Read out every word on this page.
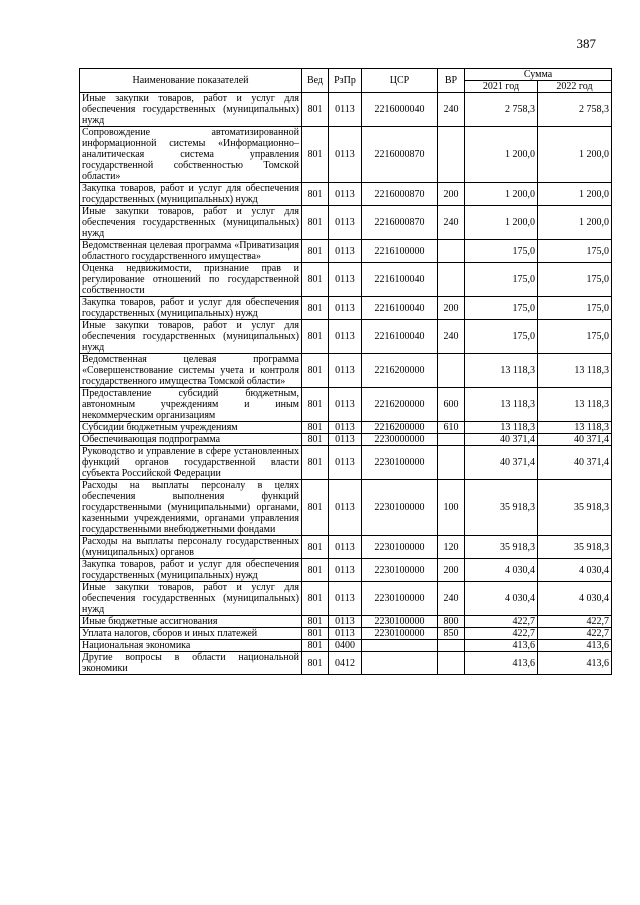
387
Наименование показателей	Вед	РзПр	ЦСР	ВР	Сумма	
					2021 год	2022 год
Иные закупки товаров, работ и услуг для обеспечения государственных (муниципальных) нужд	801	0113	2216000040	240	2 758,3	2 758,3
Сопровождение автоматизированной информационной системы «Информационно–аналитическая система управления государственной собственностью Томской области»	801	0113	2216000870		1 200,0	1 200,0
Закупка товаров, работ и услуг для обеспечения государственных (муниципальных) нужд	801	0113	2216000870	200	1 200,0	1 200,0
Иные закупки товаров, работ и услуг для обеспечения государственных (муниципальных) нужд	801	0113	2216000870	240	1 200,0	1 200,0
Ведомственная целевая программа «Приватизация областного государственного имущества»	801	0113	2216100000		175,0	175,0
Оценка недвижимости, признание прав и регулирование отношений по государственной собственности	801	0113	2216100040		175,0	175,0
Закупка товаров, работ и услуг для обеспечения государственных (муниципальных) нужд	801	0113	2216100040	200	175,0	175,0
Иные закупки товаров, работ и услуг для обеспечения государственных (муниципальных) нужд	801	0113	2216100040	240	175,0	175,0
Ведомственная целевая программа «Совершенствование системы учета и контроля государственного имущества Томской области»	801	0113	2216200000		13 118,3	13 118,3
Предоставление субсидий бюджетным, автономным учреждениям и иным некоммерческим организациям	801	0113	2216200000	600	13 118,3	13 118,3
Субсидии бюджетным учреждениям	801	0113	2216200000	610	13 118,3	13 118,3
Обеспечивающая подпрограмма	801	0113	2230000000		40 371,4	40 371,4
Руководство и управление в сфере установленных функций органов государственной власти субъекта Российской Федерации	801	0113	2230100000		40 371,4	40 371,4
Расходы на выплаты персоналу в целях обеспечения выполнения функций государственными (муниципальными) органами, казенными учреждениями, органами управления государственными внебюджетными фондами	801	0113	2230100000	100	35 918,3	35 918,3
Расходы на выплаты персоналу государственных (муниципальных) органов	801	0113	2230100000	120	35 918,3	35 918,3
Закупка товаров, работ и услуг для обеспечения государственных (муниципальных) нужд	801	0113	2230100000	200	4 030,4	4 030,4
Иные закупки товаров, работ и услуг для обеспечения государственных (муниципальных) нужд	801	0113	2230100000	240	4 030,4	4 030,4
Иные бюджетные ассигнования	801	0113	2230100000	800	422,7	422,7
Уплата налогов, сборов и иных платежей	801	0113	2230100000	850	422,7	422,7
Национальная экономика	801	0400			413,6	413,6
Другие вопросы в области национальной экономики	801	0412			413,6	413,6
